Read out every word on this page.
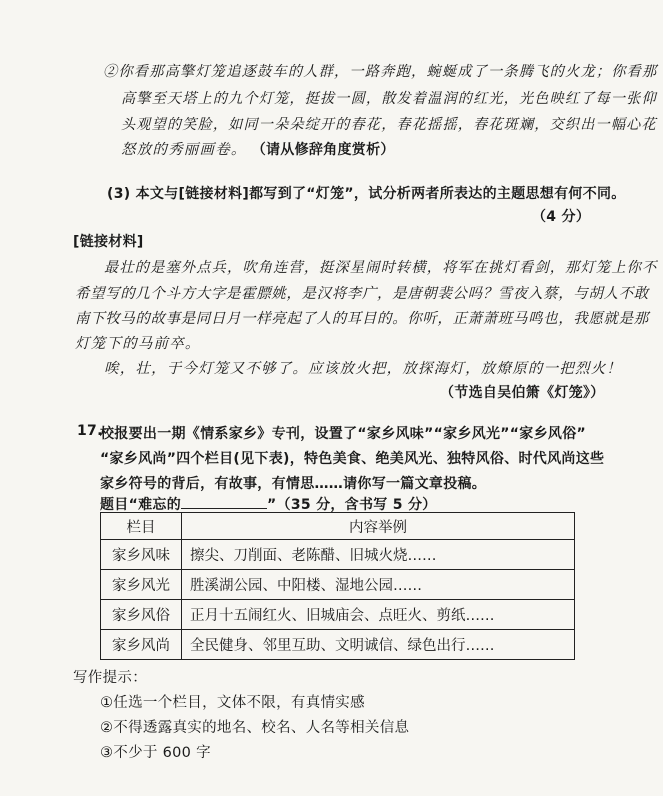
②你看那高擎灯笼追逐鼓车的人群，一路奔跑，蜿蜒成了一条腾飞的火龙；你看那
高擎至天塔上的九个灯笼，挺拔一圆，散发着温润的红光，光色映红了每一张仰
头观望的笑脸，如同一朵朵绽开的春花，春花摇摇，春花斑斓，交织出一幅心花
怒放的秀丽画卷。 （请从修辞角度赏析）
(3) 本文与[链接材料]都写到了“灯笼”，试分析两者所表达的主题思想有何不同。
（4 分）
[链接材料]
最壮的是塞外点兵，吹角连营，挺深星闹时转横，将军在挑灯看剑，那灯笼上你不
希望写的几个斗方大字是霍膘姚，是汉将李广，是唐朝裴公吗？雪夜入蔡，与胡人不敢
南下牧马的故事是同日月一样亮起了人的耳目的。你听，正萧萧班马鸣也，我愿就是那
灯笼下的马前卒。
唉，壮，于今灯笼又不够了。应该放火把，放探海灯，放燎原的一把烈火！
（节选自吴伯箫《灯笼》）
17.
校报要出一期《情系家乡》专刊，设置了“家乡风味”“家乡风光”“家乡风俗”
“家乡风尚”四个栏目(见下表)，特色美食、绝美风光、独特风俗、时代风尚这些
家乡符号的背后，有故事，有情思……请你写一篇文章投稿。
题目“难忘的	”（35 分，含书写 5 分）
栏目	内容举例
家乡风味	擦尖、刀削面、老陈醋、旧城火烧……
家乡风光	胜溪湖公园、中阳楼、湿地公园……
家乡风俗	正月十五闹红火、旧城庙会、点旺火、剪纸……
家乡风尚	全民健身、邻里互助、文明诚信、绿色出行……
写作提示：
①任选一个栏目，文体不限，有真情实感
②不得透露真实的地名、校名、人名等相关信息
③不少于 600 字
